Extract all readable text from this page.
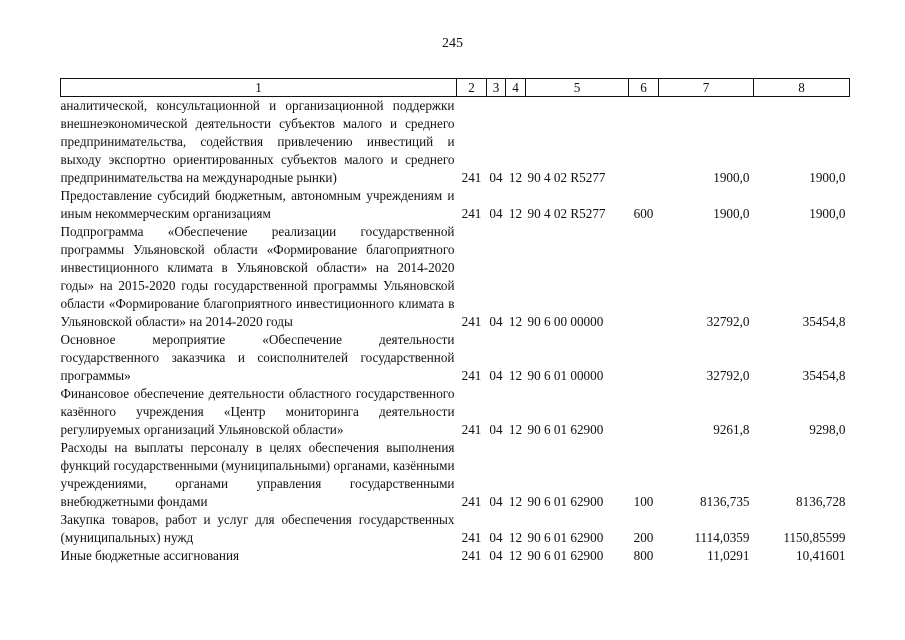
245
1	2	3	4	5	6	7	8
аналитической, консультационной и организационной поддержки внешнеэкономической деятельности субъектов малого и среднего предпринимательства, содействия привлечению инвестиций и выходу экспортно ориентированных субъектов малого и среднего предпринимательства на международные рынки)	241	04	12	90 4 02 R5277		1900,0	1900,0
Предоставление субсидий бюджетным, автономным учреждениям и иным некоммерческим организациям	241	04	12	90 4 02 R5277	600	1900,0	1900,0
Подпрограмма «Обеспечение реализации государственной программы Ульяновской области «Формирование благоприятного инвестиционного климата в Ульяновской области» на 2014-2020 годы» на 2015-2020 годы государственной программы Ульяновской области «Формирование благоприятного инвестиционного климата в Ульяновской области» на 2014-2020 годы	241	04	12	90 6 00 00000		32792,0	35454,8
Основное мероприятие «Обеспечение деятельности государственного заказчика и соисполнителей государственной программы»	241	04	12	90 6 01 00000		32792,0	35454,8
Финансовое обеспечение деятельности областного государственного казённого учреждения «Центр мониторинга деятельности регулируемых организаций Ульяновской области»	241	04	12	90 6 01 62900		9261,8	9298,0
Расходы на выплаты персоналу в целях обеспечения выполнения функций государственными (муниципальными) органами, казёнными учреждениями, органами управления государственными внебюджетными фондами	241	04	12	90 6 01 62900	100	8136,735	8136,728
Закупка товаров, работ и услуг для обеспечения государственных (муниципальных) нужд	241	04	12	90 6 01 62900	200	1114,0359	1150,85599
Иные бюджетные ассигнования	241	04	12	90 6 01 62900	800	11,0291	10,41601
